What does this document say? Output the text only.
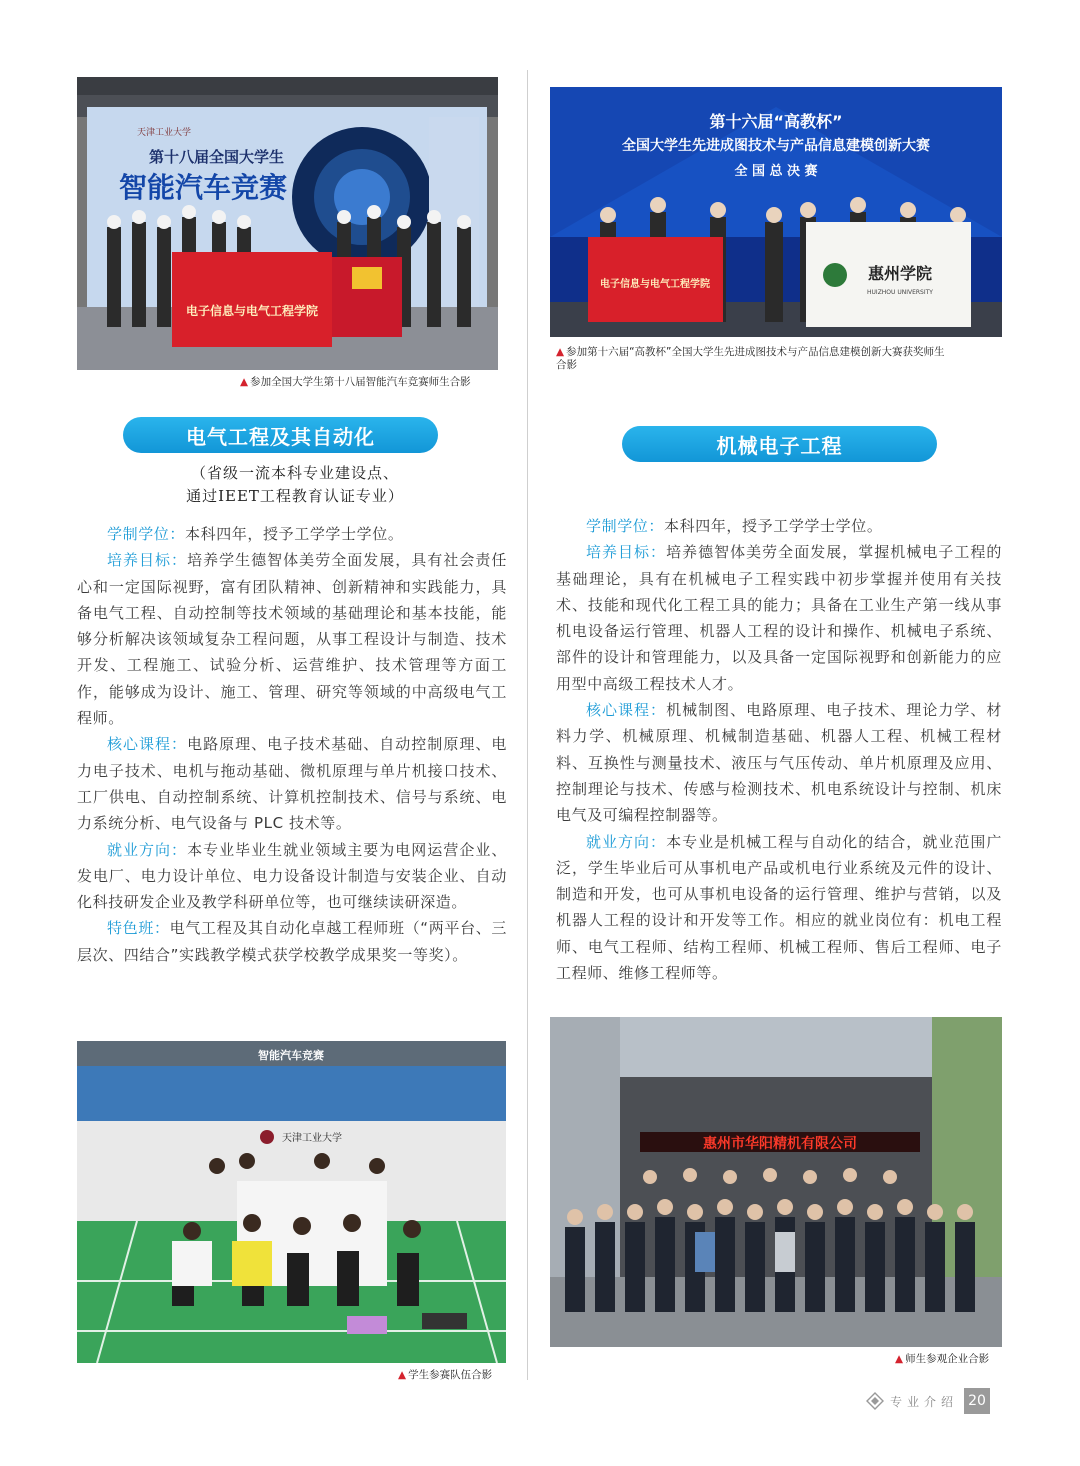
天津工业大学
第十八届全国大学生
智能汽车竞赛
电子信息与电气工程学院
▲ 参加全国大学生第十八届智能汽车竞赛师生合影
第十六届“高教杯”
全国大学生先进成图技术与产品信息建模创新大赛
全 国 总 决 赛
电子信息与电气工程学院
惠州学院
HUIZHOU UNIVERSITY
▲ 参加第十六届“高教杯”全国大学生先进成图技术与产品信息建模创新大赛获奖师生
合影
电气工程及其自动化
（省级一流本科专业建设点、
通过IEET工程教育认证专业）

学制学位：本科四年，授予工学学士学位。

培养目标：培养学生德智体美劳全面发展，具有社会责任心和一定国际视野，富有团队精神、创新精神和实践能力，具备电气工程、自动控制等技术领域的基础理论和基本技能，能够分析解决该领域复杂工程问题，从事工程设计与制造、技术开发、工程施工、试验分析、运营维护、技术管理等方面工作，能够成为设计、施工、管理、研究等领域的中高级电气工程师。

核心课程：电路原理、电子技术基础、自动控制原理、电力电子技术、电机与拖动基础、微机原理与单片机接口技术、工厂供电、自动控制系统、计算机控制技术、信号与系统、电力系统分析、电气设备与 PLC 技术等。

就业方向：本专业毕业生就业领域主要为电网运营企业、发电厂、电力设计单位、电力设备设计制造与安装企业、自动化科技研发企业及教学科研单位等，也可继续读研深造。

特色班：电气工程及其自动化卓越工程师班（“两平台、三层次、四结合”实践教学模式获学校教学成果奖一等奖）。

机械电子工程

学制学位：本科四年，授予工学学士学位。

培养目标：培养德智体美劳全面发展，掌握机械电子工程的基础理论，具有在机械电子工程实践中初步掌握并使用有关技术、技能和现代化工程工具的能力；具备在工业生产第一线从事机电设备运行管理、机器人工程的设计和操作、机械电子系统、部件的设计和管理能力，以及具备一定国际视野和创新能力的应用型中高级工程技术人才。

核心课程：机械制图、电路原理、电子技术、理论力学、材料力学、机械原理、机械制造基础、机器人工程、机械工程材料、互换性与测量技术、液压与气压传动、单片机原理及应用、控制理论与技术、传感与检测技术、机电系统设计与控制、机床电气及可编程控制器等。

就业方向：本专业是机械工程与自动化的结合，就业范围广泛，学生毕业后可从事机电产品或机电行业系统及元件的设计、制造和开发，也可从事机电设备的运行管理、维护与营销，以及机器人工程的设计和开发等工作。相应的就业岗位有：机电工程师、电气工程师、结构工程师、机械工程师、售后工程师、电子工程师、维修工程师等。

智能汽车竞赛
天津工业大学
▲ 学生参赛队伍合影
惠州市华阳精机有限公司
▲ 师生参观企业合影
专业介绍 20
